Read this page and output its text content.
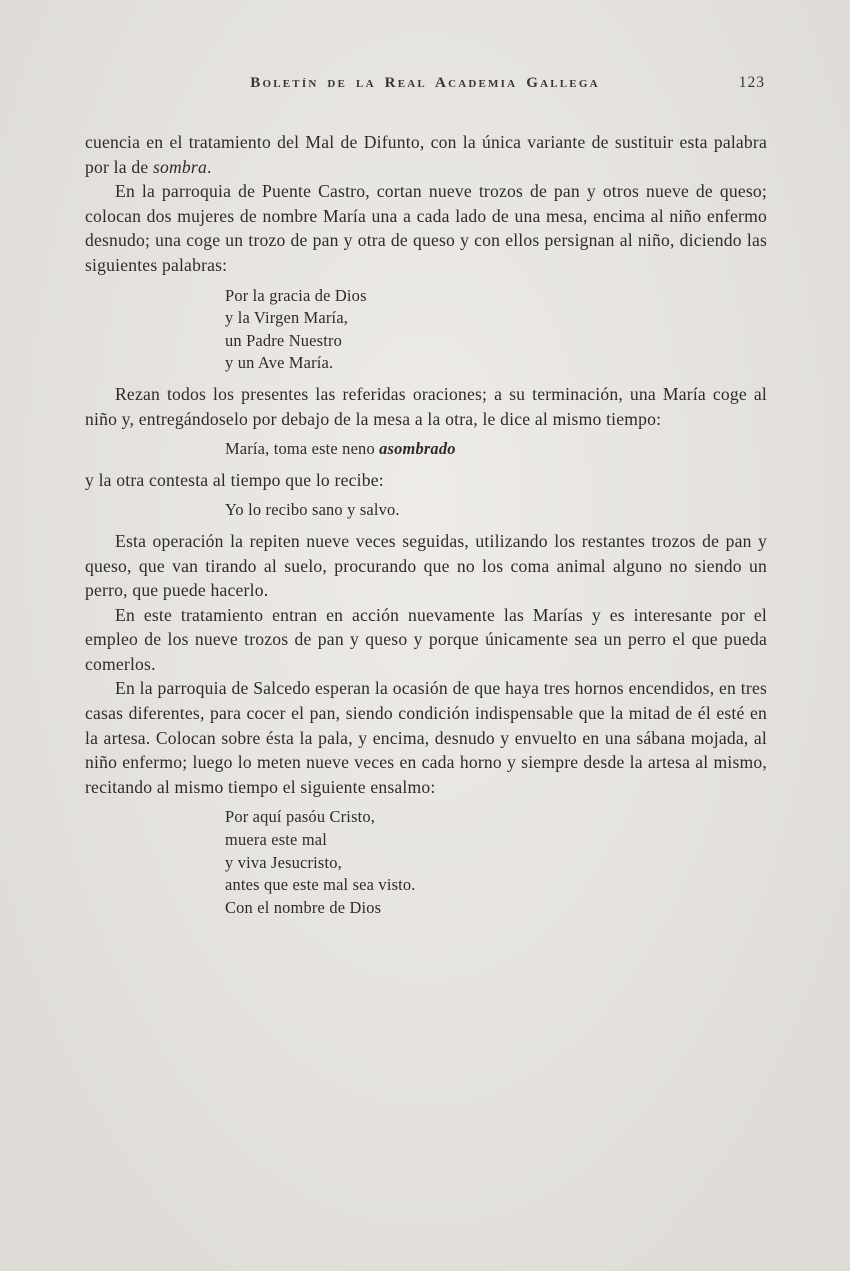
Boletín de la Real Academia Gallega	123

cuencia en el tratamiento del Mal de Difunto, con la única variante de sustituir esta palabra por la de sombra.

En la parroquia de Puente Castro, cortan nueve trozos de pan y otros nueve de queso; colocan dos mujeres de nombre María una a cada lado de una mesa, encima al niño enfermo desnudo; una coge un trozo de pan y otra de queso y con ellos persignan al niño, diciendo las siguientes palabras:

Por la gracia de Dios
y la Virgen María,
un Padre Nuestro
y un Ave María.

Rezan todos los presentes las referidas oraciones; a su terminación, una María coge al niño y, entregándoselo por debajo de la mesa a la otra, le dice al mismo tiempo:

María, toma este neno asombrado

y la otra contesta al tiempo que lo recibe:

Yo lo recibo sano y salvo.

Esta operación la repiten nueve veces seguidas, utilizando los restantes trozos de pan y queso, que van tirando al suelo, procurando que no los coma animal alguno no siendo un perro, que puede hacerlo.

En este tratamiento entran en acción nuevamente las Marías y es interesante por el empleo de los nueve trozos de pan y queso y porque únicamente sea un perro el que pueda comerlos.

En la parroquia de Salcedo esperan la ocasión de que haya tres hornos encendidos, en tres casas diferentes, para cocer el pan, siendo condición indispensable que la mitad de él esté en la artesa. Colocan sobre ésta la pala, y encima, desnudo y envuelto en una sábana mojada, al niño enfermo; luego lo meten nueve veces en cada horno y siempre desde la artesa al mismo, recitando al mismo tiempo el siguiente ensalmo:

Por aquí pasóu Cristo,
muera este mal
y viva Jesucristo,
antes que este mal sea visto.
Con el nombre de Dios
